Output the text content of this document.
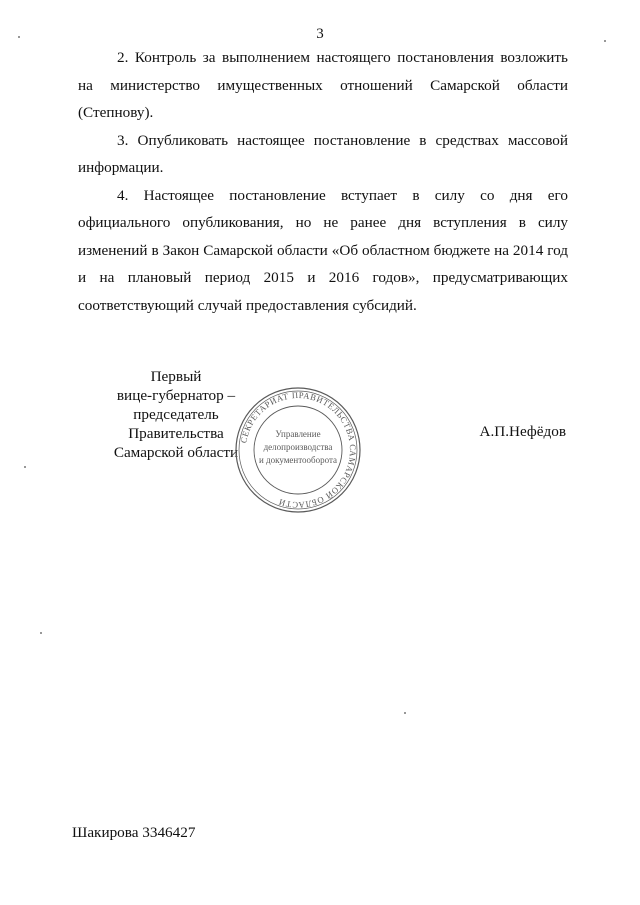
3

2. Контроль за выполнением настоящего постановления возложить на министерство имущественных отношений Самарской области (Степнову).

3. Опубликовать настоящее постановление в средствах массовой информации.

4. Настоящее постановление вступает в силу со дня его официального опубликования, но не ранее дня вступления в силу изменений в Закон Самарской области «Об областном бюджете на 2014 год и на плановый период 2015 и 2016 годов», предусматривающих соответствующий случай предоставления субсидий.

Первый
вице-губернатор –
председатель Правительства
Самарской области
СЕКРЕТАРИАТ ПРАВИТЕЛЬСТВА САМАРСКОЙ ОБЛАСТИ
Управление
делопроизводства
и документооборота
А.П.Нефёдов
Шакирова 3346427
